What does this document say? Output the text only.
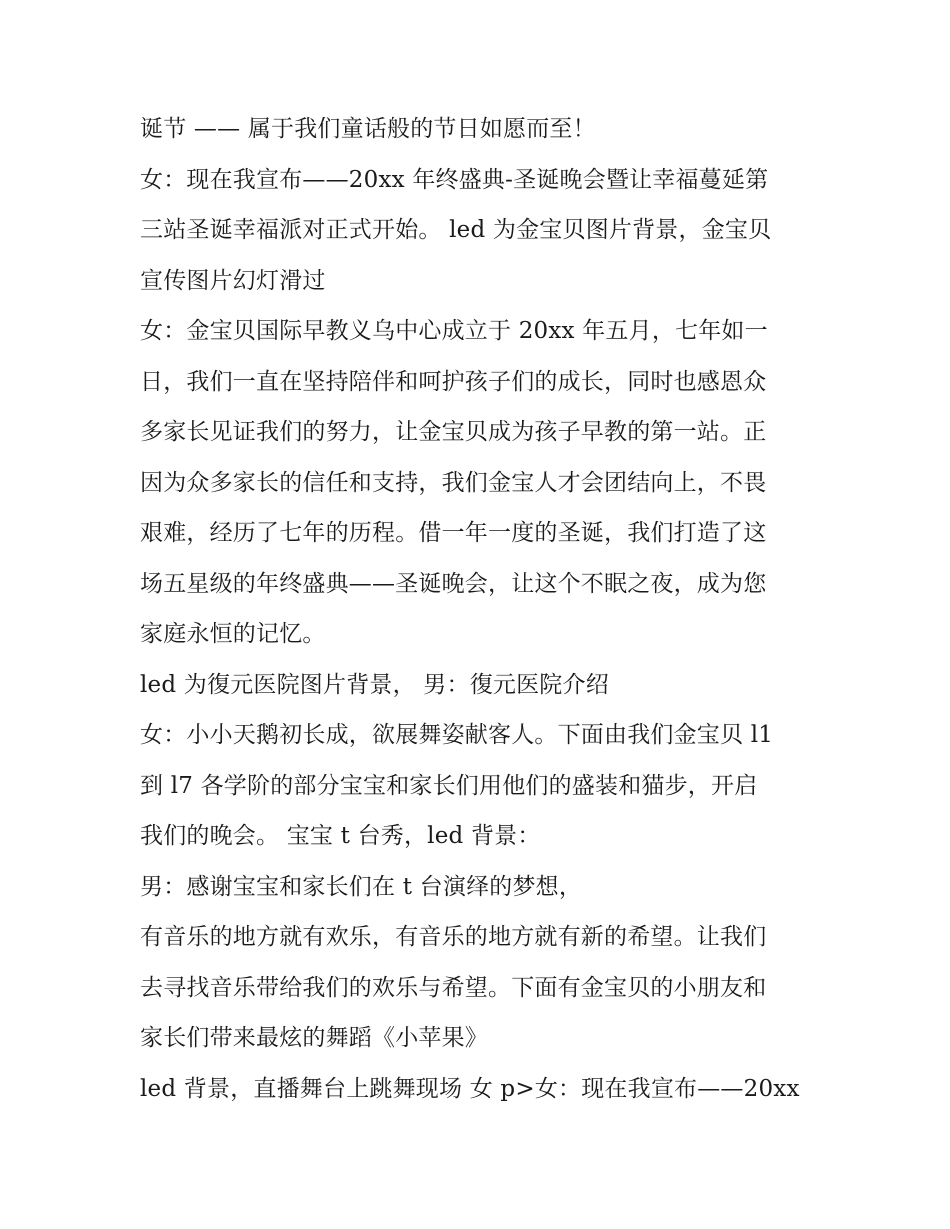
诞节 —— 属于我们童话般的节日如愿而至！
女：现在我宣布——20xx 年终盛典-圣诞晚会暨让幸福蔓延第
三站圣诞幸福派对正式开始。 led 为金宝贝图片背景，金宝贝
宣传图片幻灯滑过
女：金宝贝国际早教义乌中心成立于 20xx 年五月，七年如一
日，我们一直在坚持陪伴和呵护孩子们的成长，同时也感恩众
多家长见证我们的努力，让金宝贝成为孩子早教的第一站。正
因为众多家长的信任和支持，我们金宝人才会团结向上，不畏
艰难，经历了七年的历程。借一年一度的圣诞，我们打造了这
场五星级的年终盛典——圣诞晚会，让这个不眠之夜，成为您
家庭永恒的记忆。
led 为復元医院图片背景， 男：復元医院介绍
女：小小天鹅初长成，欲展舞姿献客人。下面由我们金宝贝 l1
到 l7 各学阶的部分宝宝和家长们用他们的盛装和猫步，开启
我们的晚会。 宝宝 t 台秀，led 背景：
男：感谢宝宝和家长们在 t 台演绎的梦想，
有音乐的地方就有欢乐，有音乐的地方就有新的希望。让我们
去寻找音乐带给我们的欢乐与希望。下面有金宝贝的小朋友和
家长们带来最炫的舞蹈《小苹果》
led 背景，直播舞台上跳舞现场 女 p>女：现在我宣布——20xx
